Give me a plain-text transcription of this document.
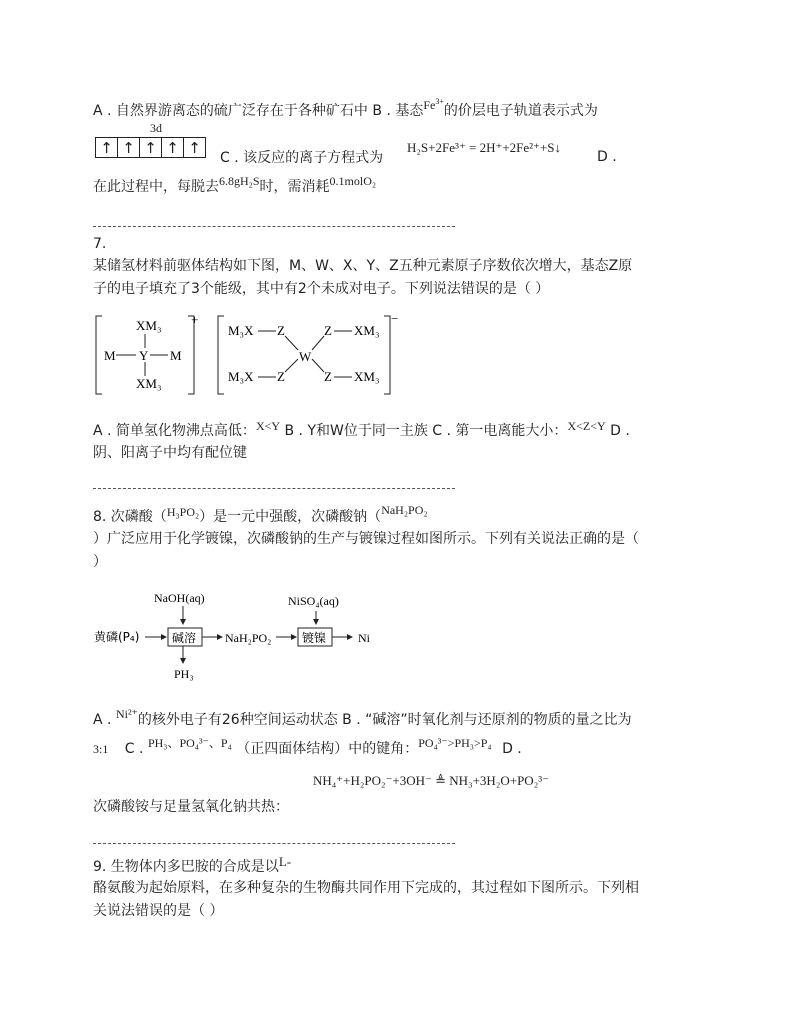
A . 自然界游离态的硫广泛存在于各种矿石中 B . 基态$Fe^{3+}$的价层电子轨道表示式为
3d
↑ ↑ ↑ ↑ ↑
C . 该反应的离子方程式为
H₂S+2Fe³⁺ = 2H⁺+2Fe²⁺+S↓
D .
在此过程中，每脱去6.8gH₂S时，需消耗0.1molO₂
7.
某储氢材料前驱体结构如下图，M、W、X、Y、Z五种元素原子序数依次增大，基态Z原
子的电子填充了3个能级，其中有2个未成对电子。下列说法错误的是（ ）
+
XM₃
M Y M
XM₃
−
M₃X Z
W
Z XM₃
M₃X Z	Z XM₃
A . 简单氢化物沸点高低：X<Y B . Y和W位于同一主族 C . 第一电离能大小：X<Z<Y D .
阴、阳离子中均有配位键
8. 次磷酸（H₃PO₂）是一元中强酸，次磷酸钠（NaH₂PO₂
）广泛应用于化学镀镍，次磷酸钠的生产与镀镍过程如图所示。下列有关说法正确的是（
）
NaOH(aq)	NiSO₄(aq)
黄磷(P₄)	碱溶 NaH₂PO₂	镀镍	Ni
PH₃
A . Ni²⁺的核外电子有26种空间运动状态 B . “碱溶”时氧化剂与还原剂的物质的量之比为
3:1 C . PH₃、PO₄³⁻、P₄ （正四面体结构）中的键角：PO₄³⁻>PH₃>P₄ D .
NH₄⁺+H₂PO₂⁻+3OH⁻ ≜ NH₃+3H₂O+PO₂³⁻
次磷酸铵与足量氢氧化钠共热：
9. 生物体内多巴胺的合成是以L-
酪氨酸为起始原料，在多种复杂的生物酶共同作用下完成的，其过程如下图所示。下列相
关说法错误的是（ ）
